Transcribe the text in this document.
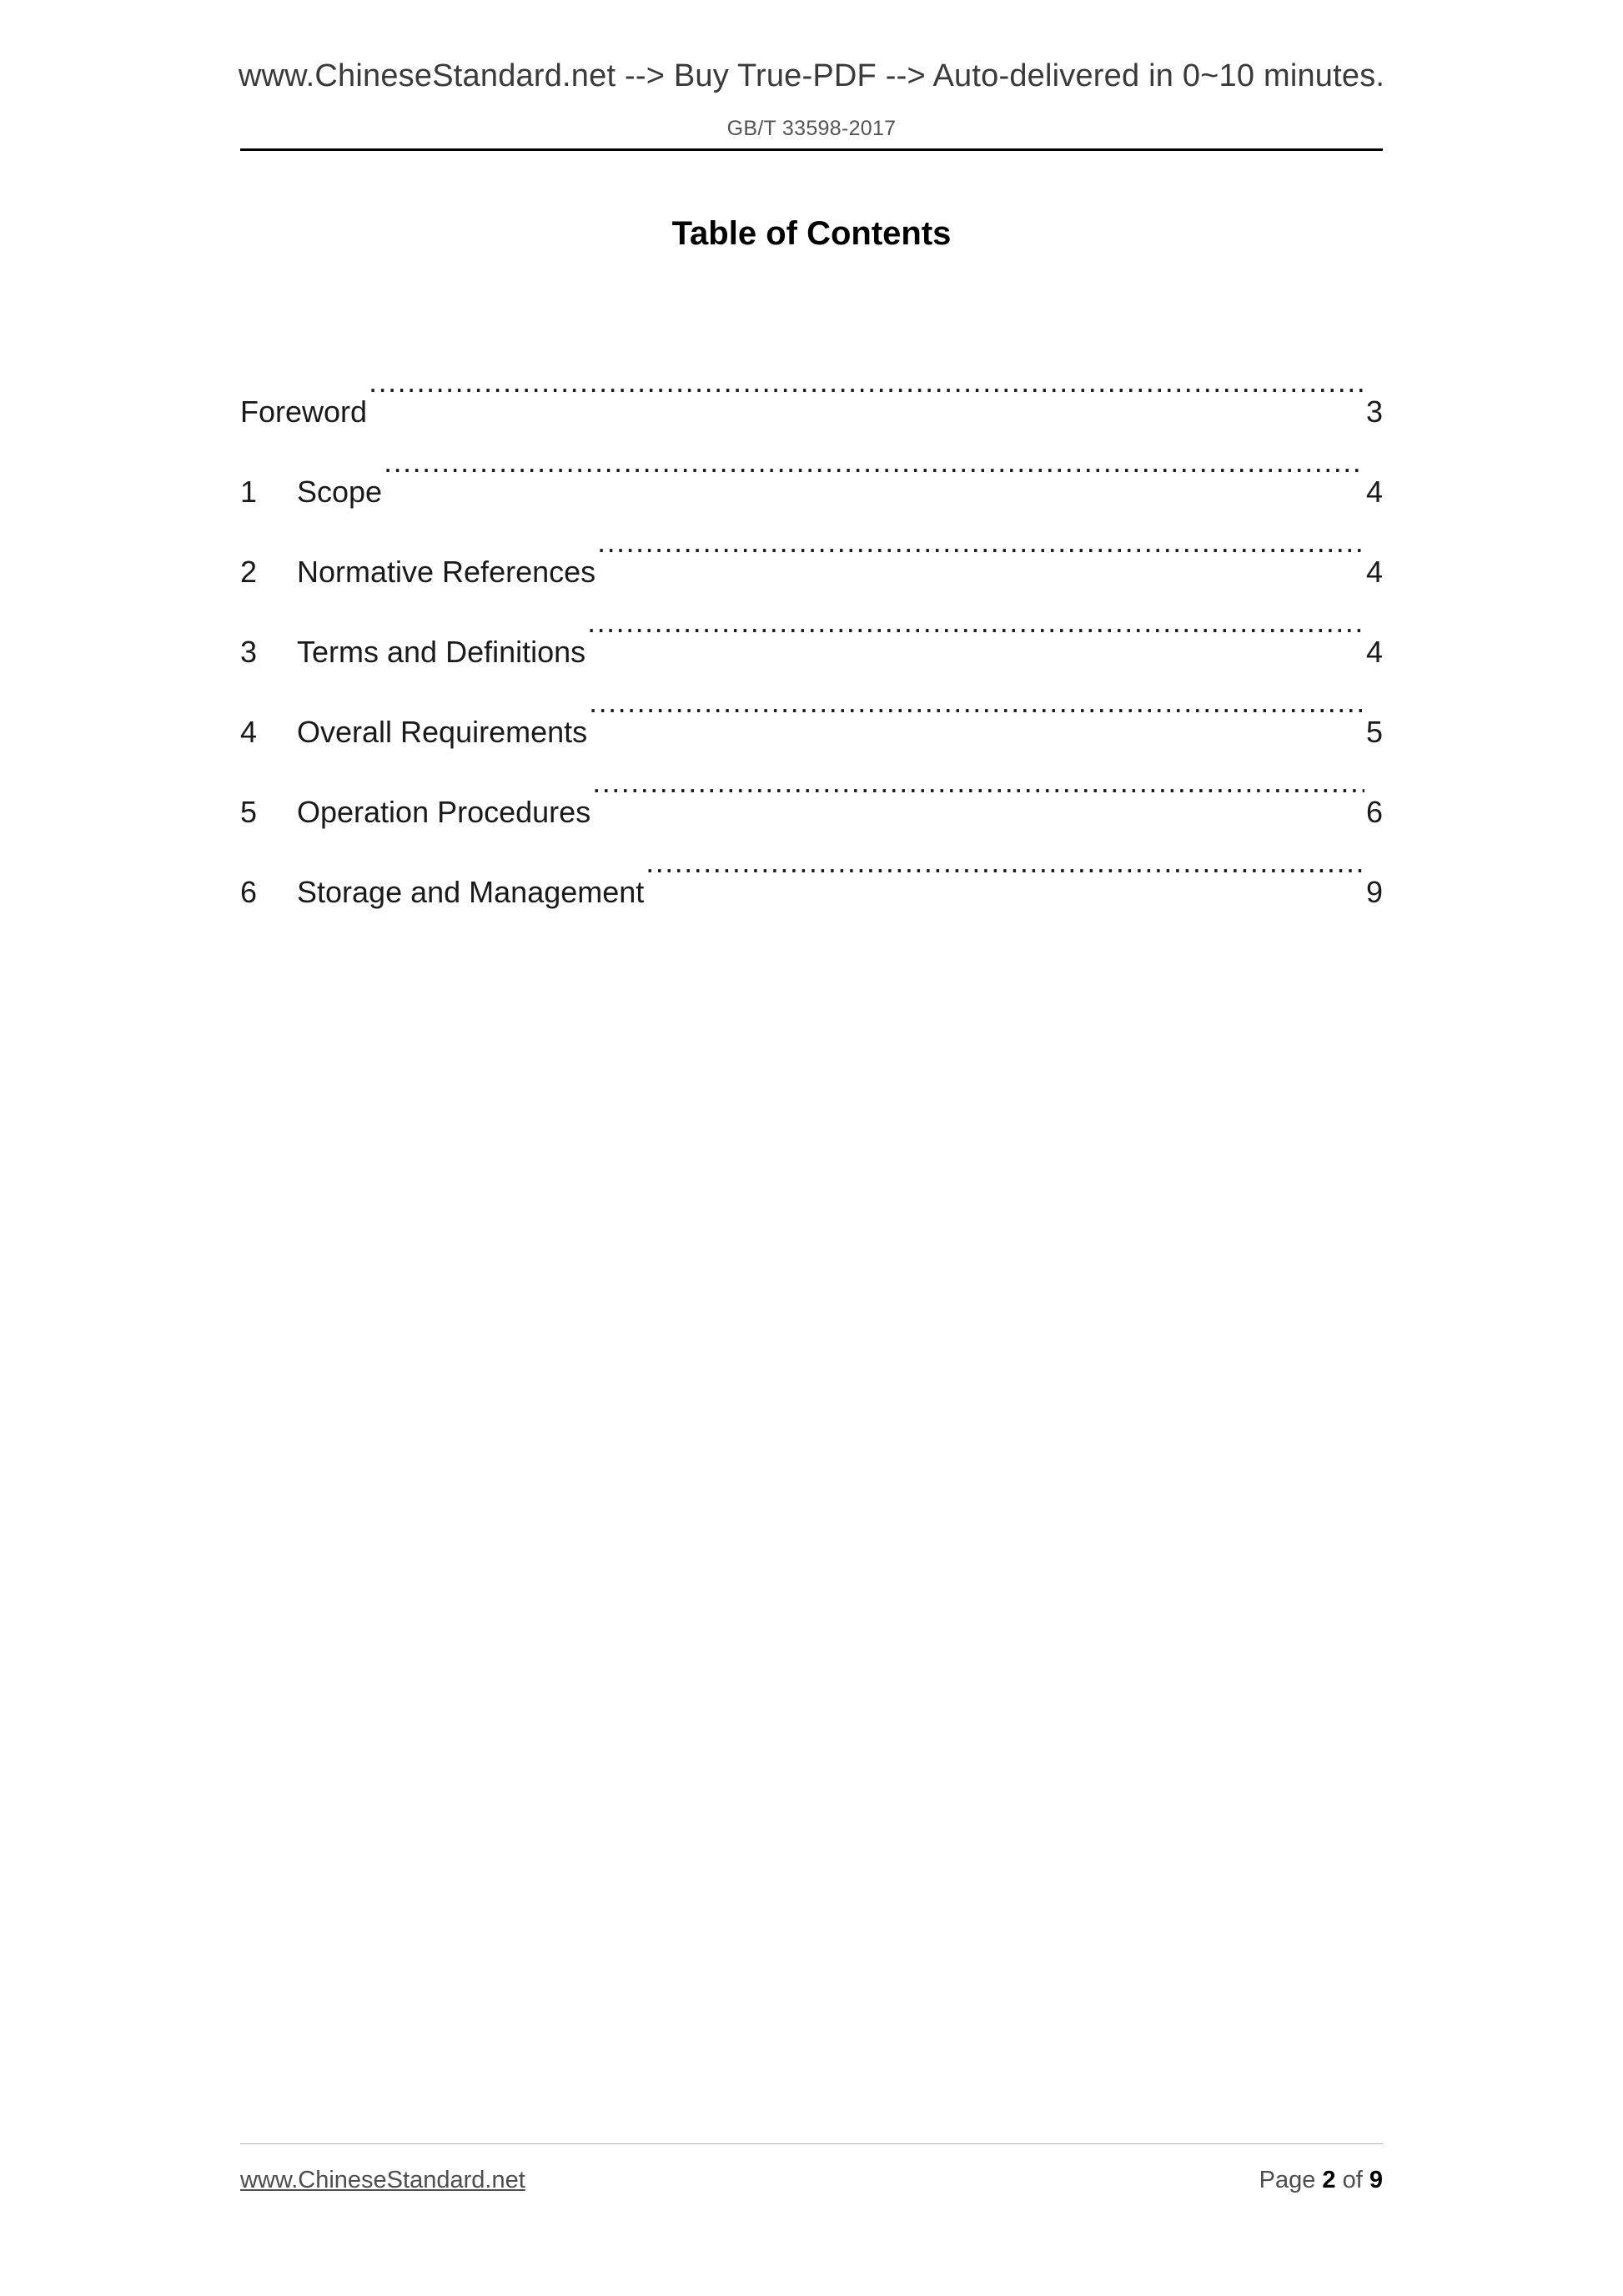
www.ChineseStandard.net --> Buy True-PDF --> Auto-delivered in 0~10 minutes.
GB/T 33598-2017
Table of Contents
Foreword .....	3
1	Scope .....	4
2	Normative References .....	4
3	Terms and Definitions .....	4
4	Overall Requirements .....	5
5	Operation Procedures .....	6
6	Storage and Management .....	9
www.ChineseStandard.net	Page 2 of 9
